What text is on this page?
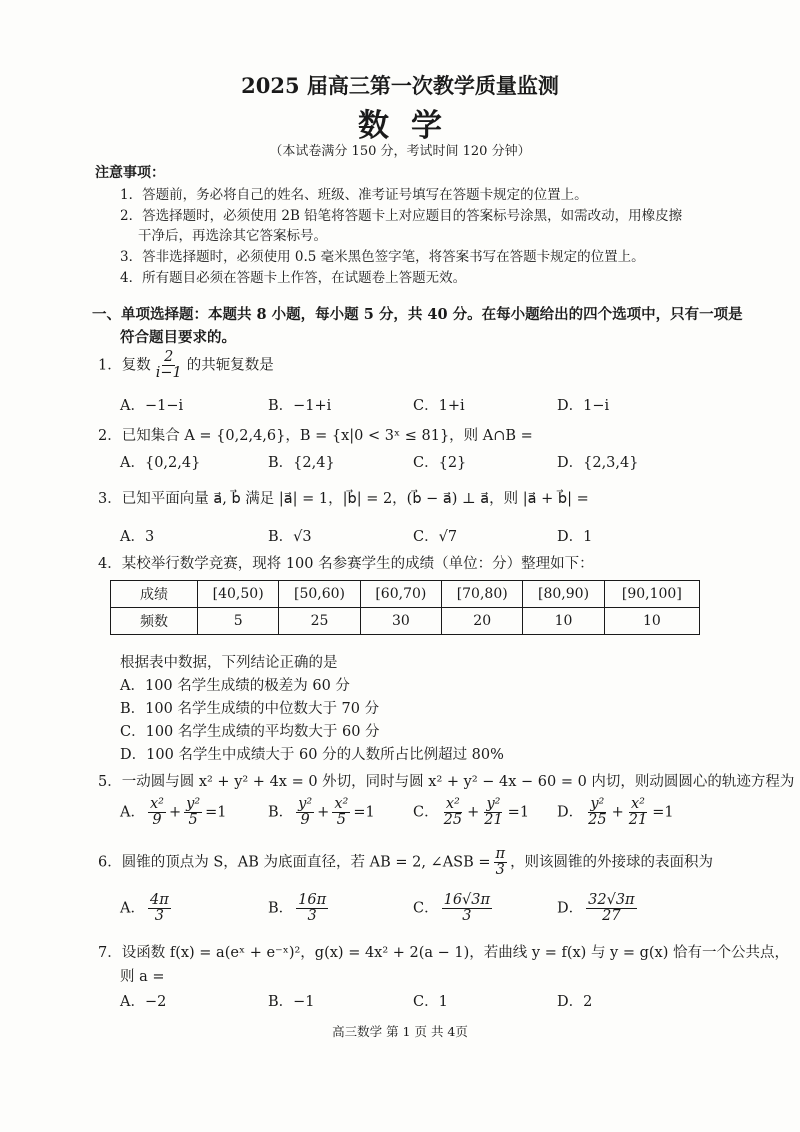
2025 届高三第一次教学质量监测
数学
（本试卷满分 150 分，考试时间 120 分钟）
注意事项：
1．答题前，务必将自己的姓名、班级、准考证号填写在答题卡规定的位置上。
2．答选择题时，必须使用 2B 铅笔将答题卡上对应题目的答案标号涂黑，如需改动，用橡皮擦
干净后，再选涂其它答案标号。
3．答非选择题时，必须使用 0.5 毫米黑色签字笔，将答案书写在答题卡规定的位置上。
4．所有题目必须在答题卡上作答，在试题卷上答题无效。
一、单项选择题：本题共 8 小题，每小题 5 分，共 40 分。在每小题给出的四个选项中，只有一项是
符合题目要求的。
1．复数 $\frac{2}{i-1}$ 的共轭复数是
A．−1−i	B．−1+i	C．1+i	D．1−i
2．已知集合 A = {0,2,4,6}，B = {x|0 < 3ˣ ≤ 81}，则 A∩B =
A．{0,2,4}	B．{2,4}	C．{2}	D．{2,3,4}
3．已知平面向量 a⃗, b⃗ 满足 |a⃗| = 1，|b⃗| = 2，(b⃗ − a⃗) ⊥ a⃗，则 |a⃗ + b⃗| =
A．3	B．√3	C．√7	D．1
4．某校举行数学竞赛，现将 100 名参赛学生的成绩（单位：分）整理如下：
成绩	[40,50)	[50,60)	[60,70)	[70,80)	[80,90)	[90,100]
频数	5	25	30	20	10	10
根据表中数据，下列结论正确的是
A．100 名学生成绩的极差为 60 分
B．100 名学生成绩的中位数大于 70 分
C．100 名学生成绩的平均数大于 60 分
D．100 名学生中成绩大于 60 分的人数所占比例超过 80%
5．一动圆与圆 x² + y² + 4x = 0 外切，同时与圆 x² + y² − 4x − 60 = 0 内切，则动圆圆心的轨迹方程为
A． $\frac{\text{x²}}{9} + \frac{\text{y²}}{5} =1$	B． $\frac{\text{y²}}{9} + \frac{\text{x²}}{5} =1$	C． $\frac{\text{x²}}{25} + \frac{\text{y²}}{21} =1$ D． $\frac{\text{y²}}{25} + \frac{\text{x²}}{21} =1$
6．圆锥的顶点为 S，AB 为底面直径，若 AB = 2, ∠ASB = $\frac{\pi}{3}$ ，则该圆锥的外接球的表面积为
A． $\frac{4\pi}{3}$	B． $\frac{16\pi}{3}$	C． $\frac{16√3\pi}{3}$	D． $\frac{32√3\pi}{27}$
7．设函数 f(x) = a(eˣ + e⁻ˣ)²，g(x) = 4x² + 2(a − 1)，若曲线 y = f(x) 与 y = g(x) 恰有一个公共点，
则 a =
A．−2	B．−1	C．1	D．2
高三数学 第 1 页 共 4页
